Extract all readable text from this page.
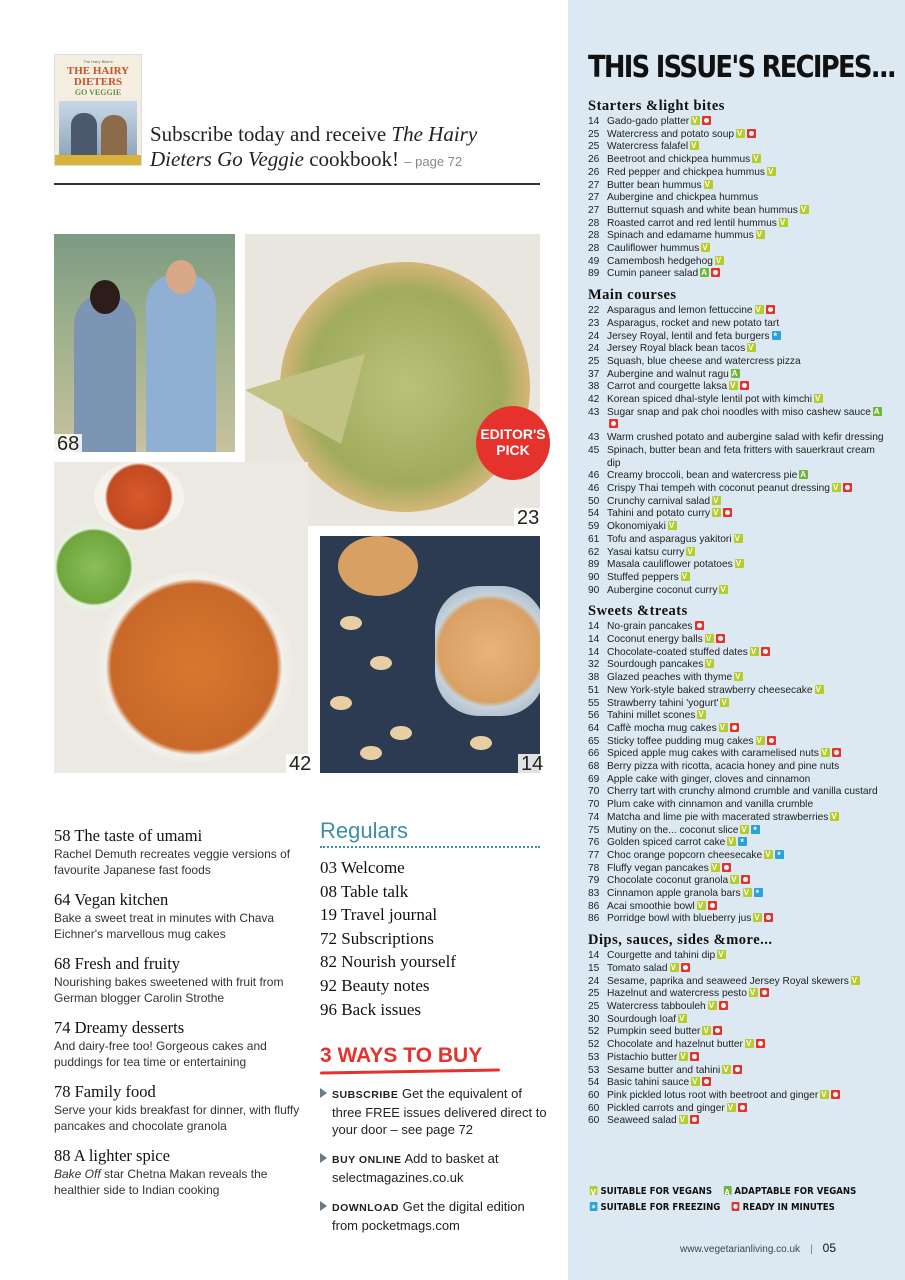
The Hairy Bikers
THE HAIRY DIETERS
GO VEGGIE
Subscribe today and receive The Hairy Dieters Go Veggie cookbook! – page 72
68
23
EDITOR'S PICK
42	14
58 The taste of umami
Rachel Demuth recreates veggie versions of favourite Japanese fast foods
64 Vegan kitchen
Bake a sweet treat in minutes with Chava Eichner's marvellous mug cakes
68 Fresh and fruity
Nourishing bakes sweetened with fruit from German blogger Carolin Strothe
74 Dreamy desserts
And dairy-free too! Gorgeous cakes and puddings for tea time or entertaining
78 Family food
Serve your kids breakfast for dinner, with fluffy pancakes and chocolate granola
88 A lighter spice
Bake Off star Chetna Makan reveals the healthier side to Indian cooking
Regulars
03 Welcome
08 Table talk
19 Travel journal
72 Subscriptions
82 Nourish yourself
92 Beauty notes
96 Back issues
3 WAYS TO BUY
SUBSCRIBE Get the equivalent of three FREE issues delivered direct to your door – see page 72
BUY ONLINE Add to basket at selectmagazines.co.uk
DOWNLOAD Get the digital edition from pocketmags.com
THIS ISSUE'S RECIPES...
Starters &light bites
14 Gado-gado platterV
25 Watercress and potato soupV
25 Watercress falafelV
26 Beetroot and chickpea hummusV
26 Red pepper and chickpea hummusV
27 Butter bean hummusV
27 Aubergine and chickpea hummus
27 Butternut squash and white bean hummusV
28 Roasted carrot and red lentil hummusV
28 Spinach and edamame hummusV
28 Cauliflower hummusV
49 Camembosh hedgehogV
89 Cumin paneer saladA
Main courses
22 Asparagus and lemon fettuccineV
23 Asparagus, rocket and new potato tart
24 Jersey Royal, lentil and feta burgers*
24 Jersey Royal black bean tacosV
25 Squash, blue cheese and watercress pizza
37 Aubergine and walnut raguA
38 Carrot and courgette laksaV
42 Korean spiced dhal-style lentil pot with kimchiV
43 Sugar snap and pak choi noodles with miso cashew sauceA
43 Warm crushed potato and aubergine salad with kefir dressing
45 Spinach, butter bean and feta fritters with sauerkraut cream dip
46 Creamy broccoli, bean and watercress pieA
46 Crispy Thai tempeh with coconut peanut dressingV
50 Crunchy carnival saladV
54 Tahini and potato curryV
59 OkonomiyakiV
61 Tofu and asparagus yakitoriV
62 Yasai katsu curryV
89 Masala cauliflower potatoesV
90 Stuffed peppersV
90 Aubergine coconut curryV
Sweets &treats
14 No-grain pancakes
14 Coconut energy ballsV
14 Chocolate-coated stuffed datesV
32 Sourdough pancakesV
38 Glazed peaches with thymeV
51 New York-style baked strawberry cheesecakeV
55 Strawberry tahini 'yogurt'V
56 Tahini millet sconesV
64 Caffè mocha mug cakesV
65 Sticky toffee pudding mug cakesV
66 Spiced apple mug cakes with caramelised nutsV
68 Berry pizza with ricotta, acacia honey and pine nuts
69 Apple cake with ginger, cloves and cinnamon
70 Cherry tart with crunchy almond crumble and vanilla custard
70 Plum cake with cinnamon and vanilla crumble
74 Matcha and lime pie with macerated strawberriesV
75 Mutiny on the... coconut sliceV*
76 Golden spiced carrot cakeV*
77 Choc orange popcorn cheesecakeV*
78 Fluffy vegan pancakesV
79 Chocolate coconut granolaV
83 Cinnamon apple granola barsV*
86 Acai smoothie bowlV
86 Porridge bowl with blueberry jusV
Dips, sauces, sides &more...
14 Courgette and tahini dipV
15 Tomato saladV
24 Sesame, paprika and seaweed Jersey Royal skewersV
25 Hazelnut and watercress pestoV
25 Watercress tabboulehV
30 Sourdough loafV
52 Pumpkin seed butterV
52 Chocolate and hazelnut butterV
53 Pistachio butterV
53 Sesame butter and tahiniV
54 Basic tahini sauceV
60 Pink pickled lotus root with beetroot and gingerV
60 Pickled carrots and gingerV
60 Seaweed saladV
V SUITABLE FOR VEGANS A ADAPTABLE FOR VEGANS
* SUITABLE FOR FREEZING READY IN MINUTES
www.vegetarianliving.co.uk | 05
